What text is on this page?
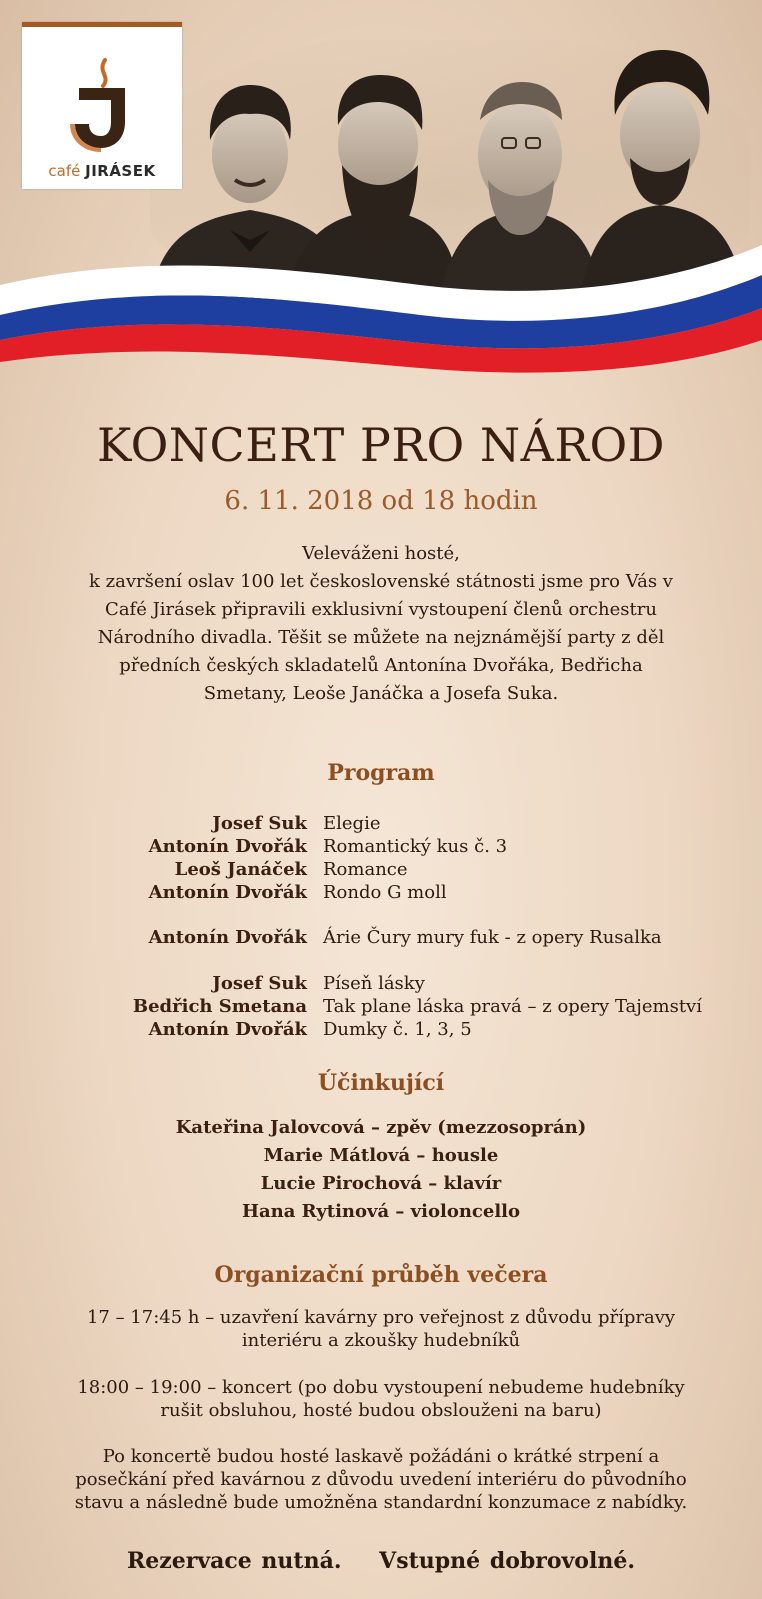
café JIRÁSEK
KONCERT PRO NÁROD
6. 11. 2018 od 18 hodin
Veleváženi hosté,
k završení oslav 100 let československé státnosti jsme pro Vás v
Café Jirásek připravili exklusivní vystoupení členů orchestru
Národního divadla. Těšit se můžete na nejznámější party z děl
předních českých skladatelů Antonína Dvořáka, Bedřicha
Smetany, Leoše Janáčka a Josefa Suka.
Program
Josef Suk Elegie
Antonín Dvořák Romantický kus č. 3
Leoš Janáček Romance
Antonín Dvořák Rondo G moll
Antonín Dvořák Árie Čury mury fuk - z opery Rusalka
Josef Suk Píseň lásky
Bedřich Smetana Tak plane láska pravá – z opery Tajemství
Antonín Dvořák Dumky č. 1, 3, 5
Účinkující
Kateřina Jalovcová – zpěv (mezzosoprán)
Marie Mátlová – housle
Lucie Pirochová – klavír
Hana Rytinová – violoncello
Organizační průběh večera
17 – 17:45 h – uzavření kavárny pro veřejnost z důvodu přípravy
interiéru a zkoušky hudebníků
18:00 – 19:00 – koncert (po dobu vystoupení nebudeme hudebníky
rušit obsluhou, hosté budou obslouženi na baru)
Po koncertě budou hosté laskavě požádáni o krátké strpení a
posečkání před kavárnou z důvodu uvedení interiéru do původního
stavu a následně bude umožněna standardní konzumace z nabídky.
Rezervace nutná. Vstupné dobrovolné.
